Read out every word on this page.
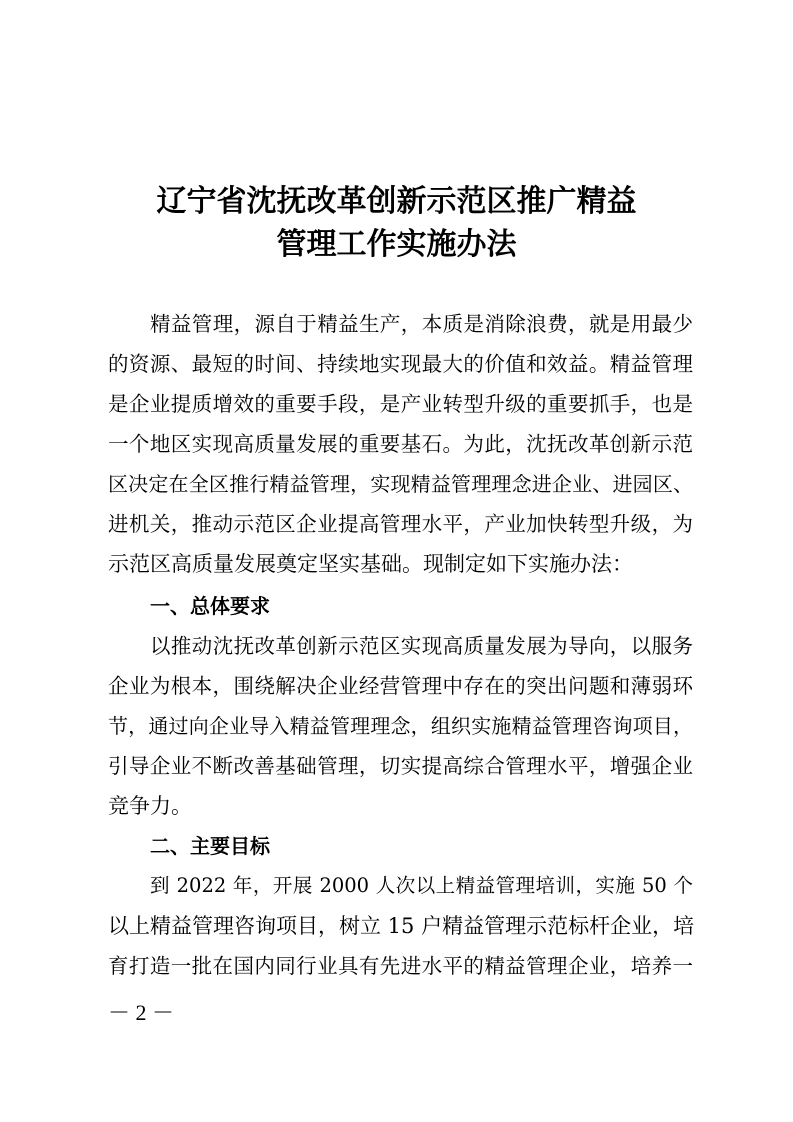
辽宁省沈抚改革创新示范区推广精益
管理工作实施办法
精益管理，源自于精益生产，本质是消除浪费，就是用最少
的资源、最短的时间、持续地实现最大的价值和效益。精益管理
是企业提质增效的重要手段，是产业转型升级的重要抓手，也是
一个地区实现高质量发展的重要基石。为此，沈抚改革创新示范
区决定在全区推行精益管理，实现精益管理理念进企业、进园区、
进机关，推动示范区企业提高管理水平，产业加快转型升级，为
示范区高质量发展奠定坚实基础。现制定如下实施办法：
一、总体要求
以推动沈抚改革创新示范区实现高质量发展为导向，以服务
企业为根本，围绕解决企业经营管理中存在的突出问题和薄弱环
节，通过向企业导入精益管理理念，组织实施精益管理咨询项目，
引导企业不断改善基础管理，切实提高综合管理水平，增强企业
竞争力。
二、主要目标
到 2022 年，开展 2000 人次以上精益管理培训，实施 50 个
以上精益管理咨询项目，树立 15 户精益管理示范标杆企业，培
育打造一批在国内同行业具有先进水平的精益管理企业，培养一
－ 2 －
